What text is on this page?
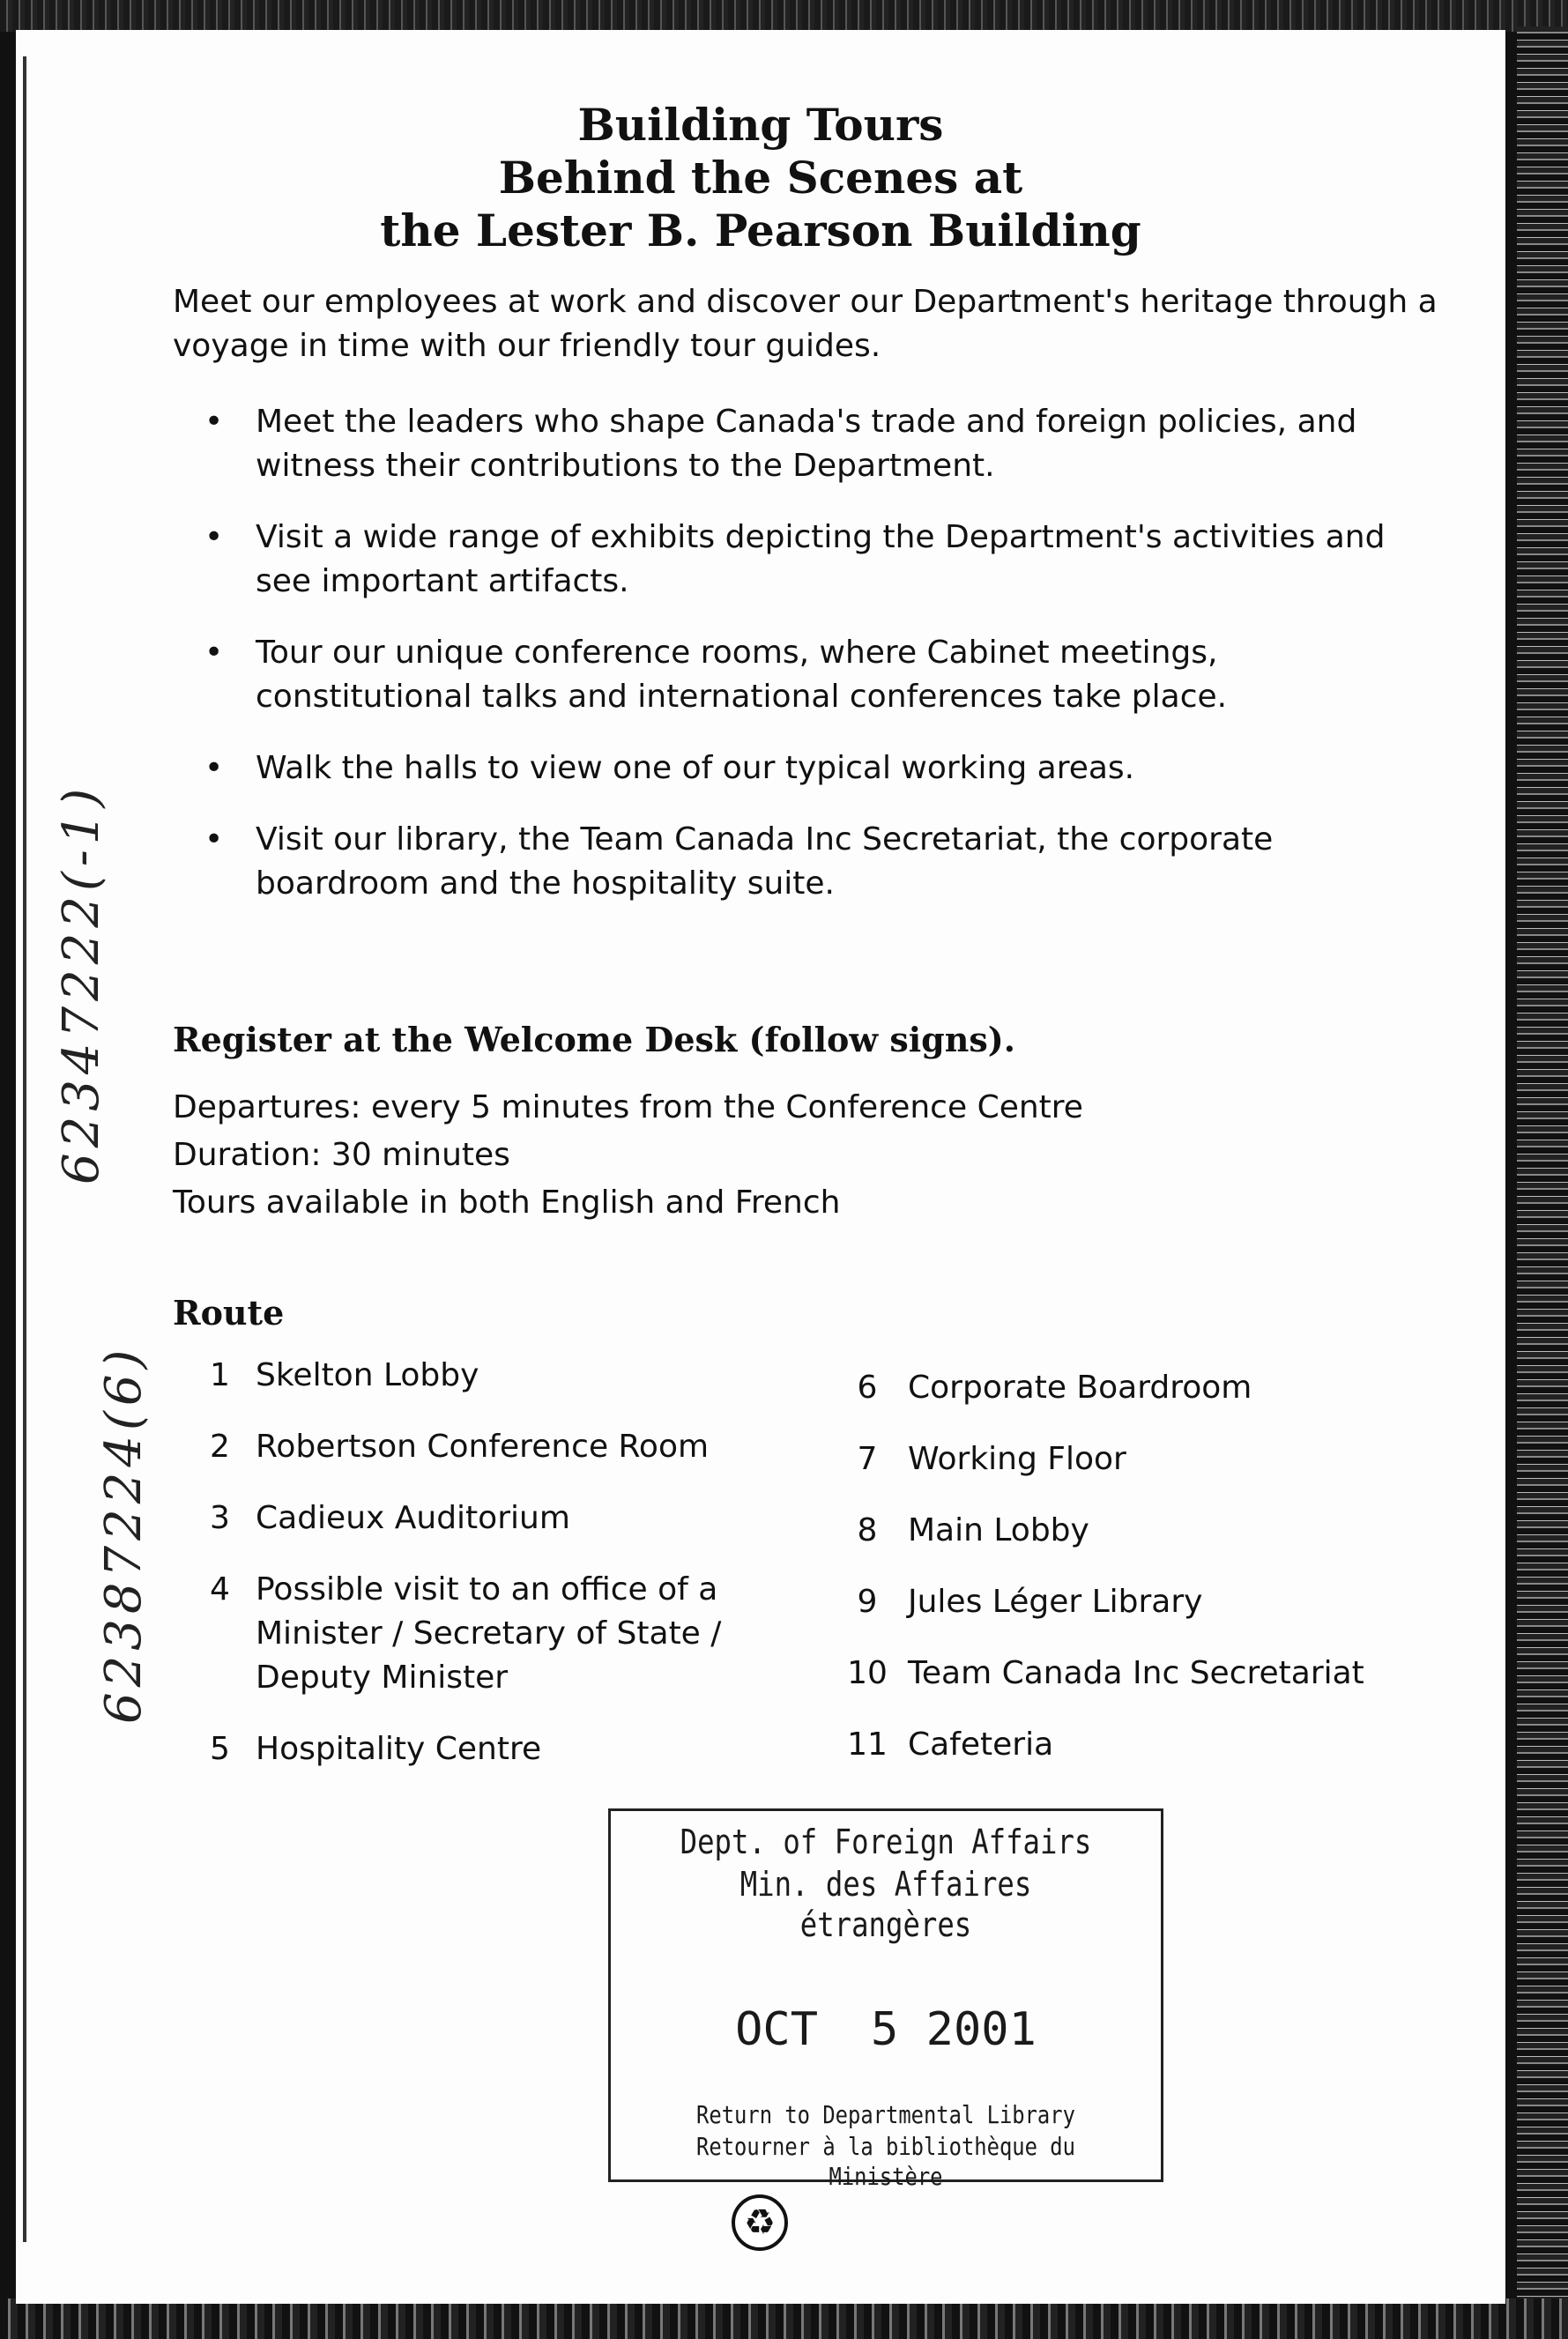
62347222(-1)
62387224(6)
Building Tours
Behind the Scenes at
the Lester B. Pearson Building

Meet our employees at work and discover our Department's heritage through a voyage in time with our friendly tour guides.

• Meet the leaders who shape Canada's trade and foreign policies, and witness their contributions to the Department.
• Visit a wide range of exhibits depicting the Department's activities and see important artifacts.
• Tour our unique conference rooms, where Cabinet meetings, constitutional talks and international conferences take place.
• Walk the halls to view one of our typical working areas.
• Visit our library, the Team Canada Inc Secretariat, the corporate boardroom and the hospitality suite.
Register at the Welcome Desk (follow signs).
Departures: every 5 minutes from the Conference Centre
Duration: 30 minutes
Tours available in both English and French
Route
1 Skelton Lobby
2 Robertson Conference Room
3 Cadieux Auditorium
4 Possible visit to an office of a Minister / Secretary of State / Deputy Minister
5 Hospitality Centre
6 Corporate Boardroom
7 Working Floor
8 Main Lobby
9 Jules Léger Library
10 Team Canada Inc Secretariat
11 Cafeteria
Dept. of Foreign Affairs
Min. des Affaires étrangères
OCT 5 2001
Return to Departmental Library
Retourner à la bibliothèque du Ministère
♻
